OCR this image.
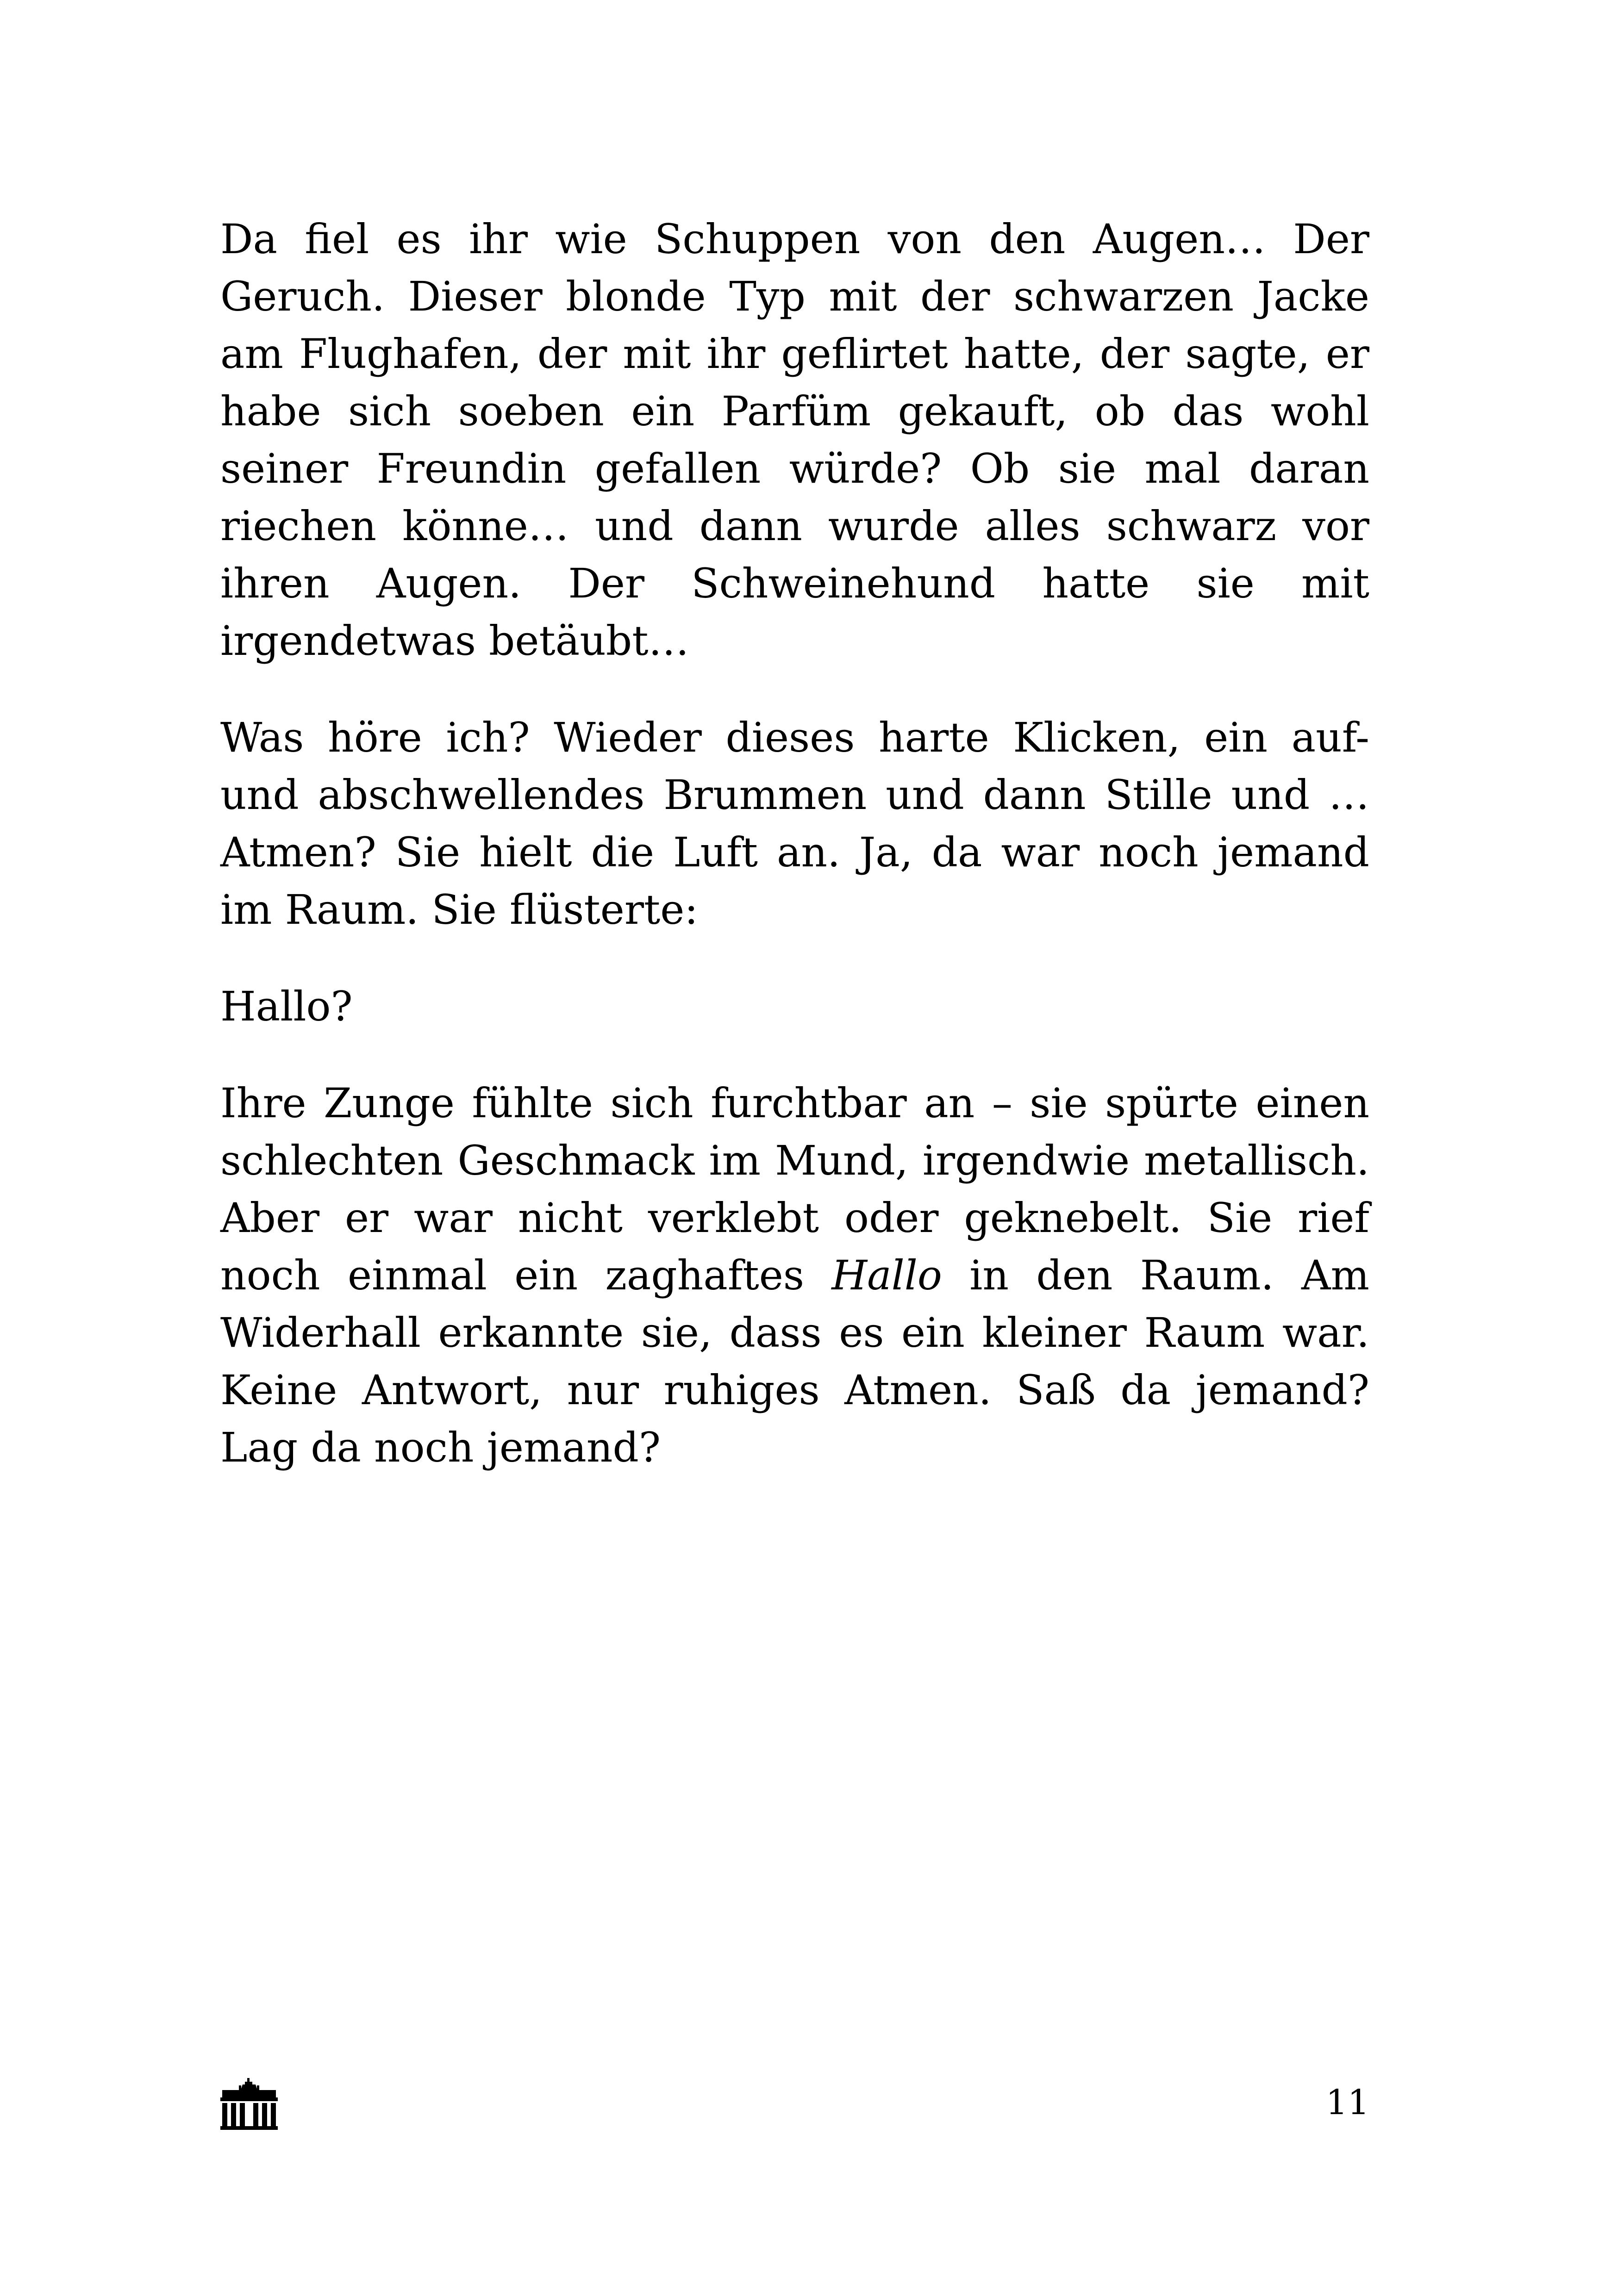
Da fiel es ihr wie Schuppen von den Augen… Der Geruch. Dieser blonde Typ mit der schwarzen Jacke am Flughafen, der mit ihr geflirtet hatte, der sagte, er habe sich soeben ein Parfüm gekauft, ob das wohl seiner Freundin gefallen würde? Ob sie mal daran riechen könne… und dann wurde alles schwarz vor ihren Augen. Der Schweinehund hatte sie mit irgendetwas betäubt…

Was höre ich? Wieder dieses harte Klicken, ein auf- und abschwellendes Brummen und dann Stille und … Atmen? Sie hielt die Luft an. Ja, da war noch jemand im Raum. Sie flüsterte:

Hallo?

Ihre Zunge fühlte sich furchtbar an – sie spürte einen schlechten Geschmack im Mund, irgendwie metallisch. Aber er war nicht verklebt oder geknebelt. Sie rief noch einmal ein zaghaftes Hallo in den Raum. Am Widerhall erkannte sie, dass es ein kleiner Raum war. Keine Antwort, nur ruhiges Atmen. Saß da jemand? Lag da noch jemand?

11
